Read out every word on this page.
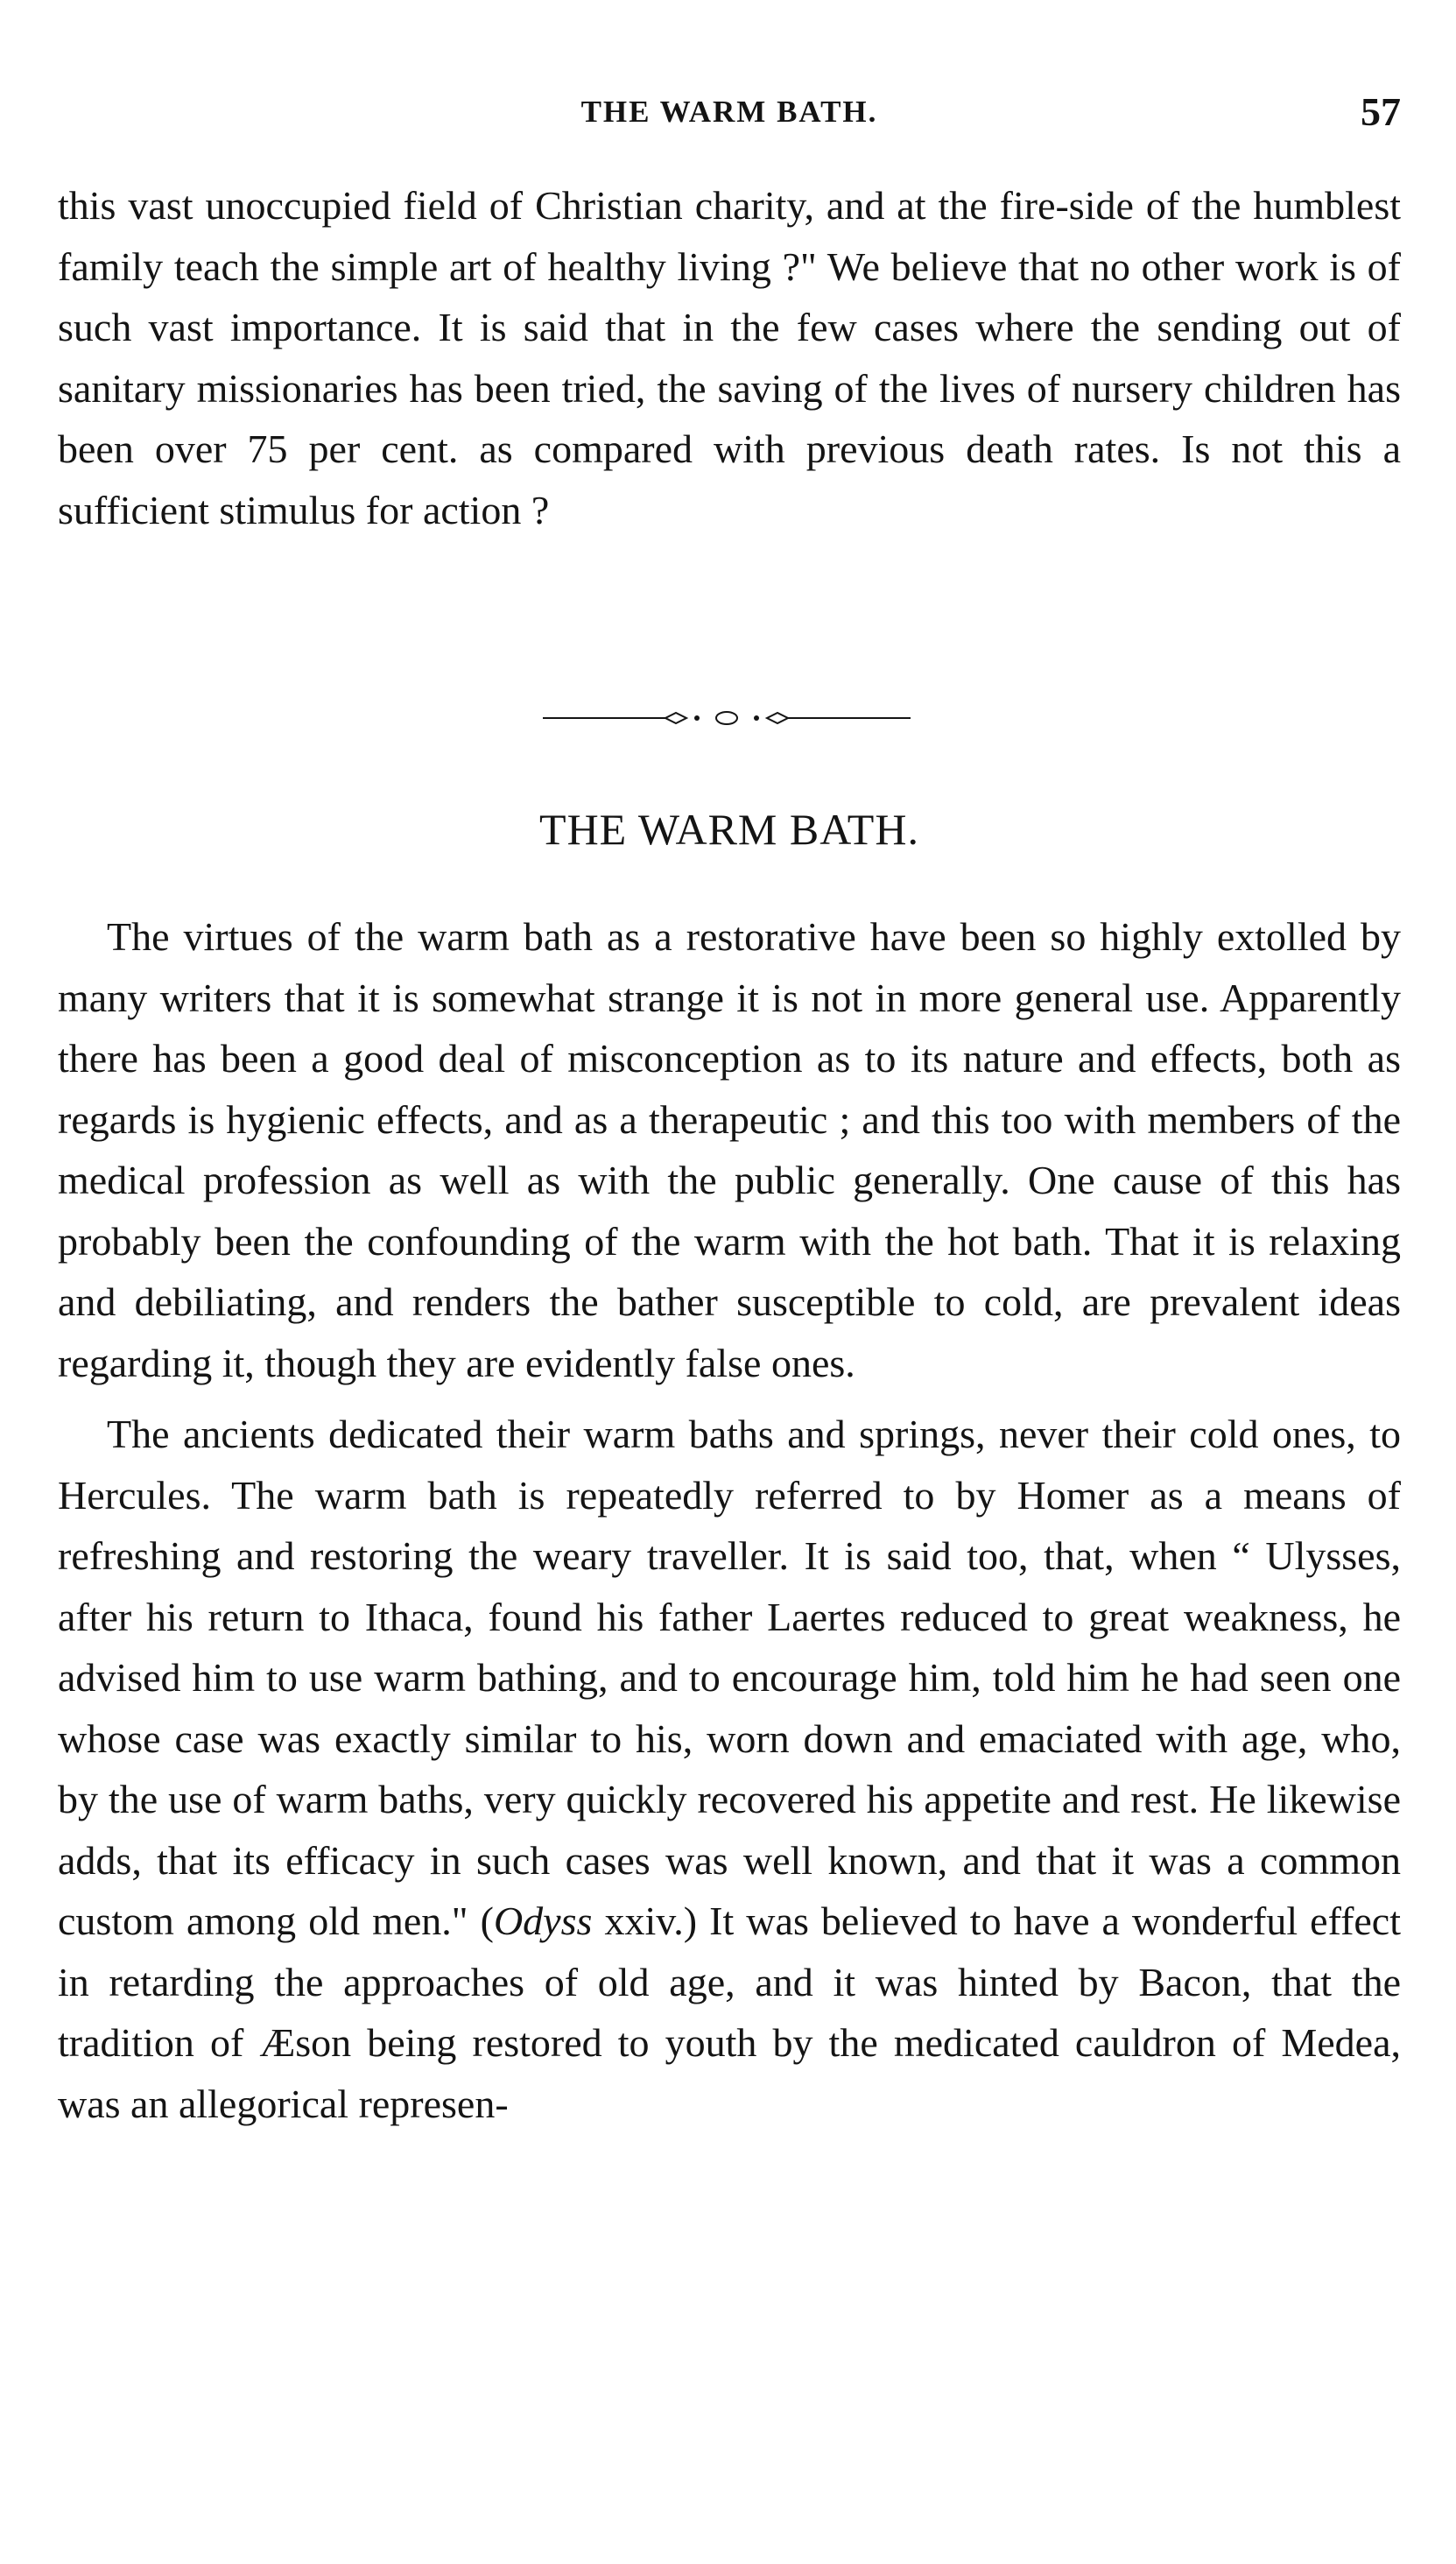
THE WARM BATH.	57

this vast unoccupied field of Christian charity, and at the fire-side of the humblest family teach the simple art of healthy living ?" We believe that no other work is of such vast importance. It is said that in the few cases where the sending out of sanitary missionaries has been tried, the saving of the lives of nursery children has been over 75 per cent. as compared with previous death rates. Is not this a sufficient stimulus for action ?

THE WARM BATH.

The virtues of the warm bath as a restorative have been so highly extolled by many writers that it is somewhat strange it is not in more general use. Apparently there has been a good deal of misconception as to its nature and effects, both as regards is hygienic effects, and as a therapeutic ; and this too with members of the medical profession as well as with the public generally. One cause of this has probably been the confounding of the warm with the hot bath. That it is relaxing and debiliating, and renders the bather susceptible to cold, are prevalent ideas regarding it, though they are evidently false ones.

The ancients dedicated their warm baths and springs, never their cold ones, to Hercules. The warm bath is repeatedly referred to by Homer as a means of refreshing and restoring the weary traveller. It is said too, that, when “ Ulysses, after his return to Ithaca, found his father Laertes reduced to great weakness, he advised him to use warm bathing, and to encourage him, told him he had seen one whose case was exactly similar to his, worn down and emaciated with age, who, by the use of warm baths, very quickly recovered his appetite and rest. He likewise adds, that its efficacy in such cases was well known, and that it was a common custom among old men." (Odyss xxiv.) It was believed to have a wonderful effect in retarding the approaches of old age, and it was hinted by Bacon, that the tradition of Æson being restored to youth by the medicated cauldron of Medea, was an allegorical represen-
